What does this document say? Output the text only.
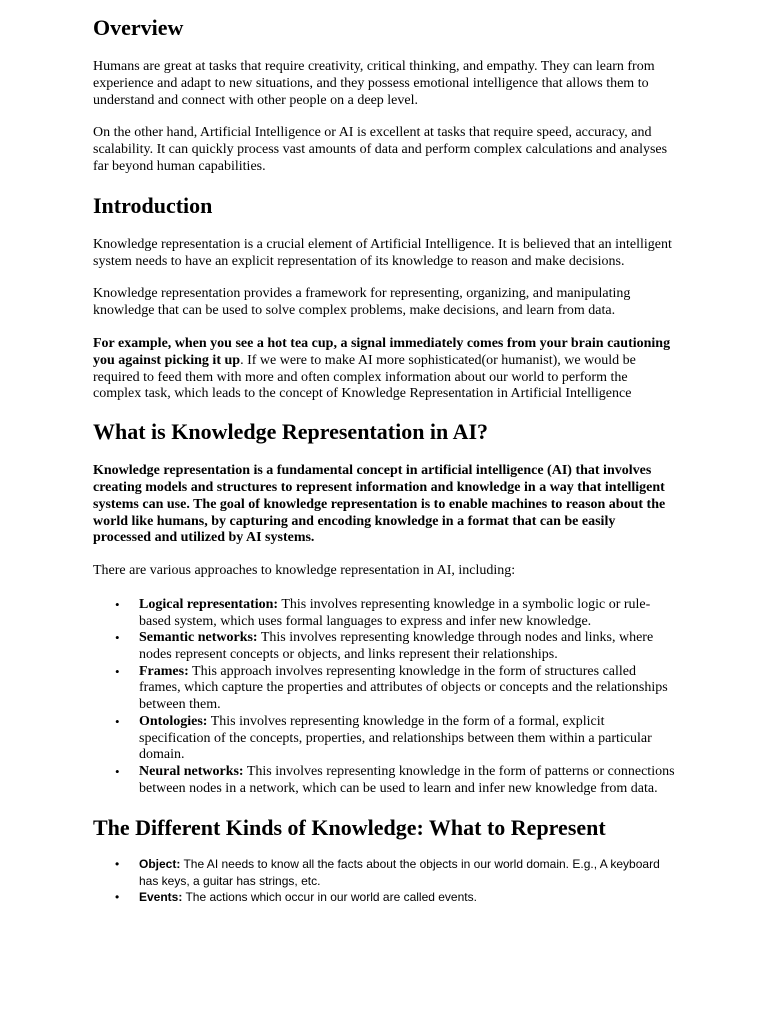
Overview

Humans are great at tasks that require creativity, critical thinking, and empathy. They can learn from experience and adapt to new situations, and they possess emotional intelligence that allows them to understand and connect with other people on a deep level.

On the other hand, Artificial Intelligence or AI is excellent at tasks that require speed, accuracy, and scalability. It can quickly process vast amounts of data and perform complex calculations and analyses far beyond human capabilities.

Introduction

Knowledge representation is a crucial element of Artificial Intelligence. It is believed that an intelligent system needs to have an explicit representation of its knowledge to reason and make decisions.

Knowledge representation provides a framework for representing, organizing, and manipulating knowledge that can be used to solve complex problems, make decisions, and learn from data.

For example, when you see a hot tea cup, a signal immediately comes from your brain cautioning you against picking it up. If we were to make AI more sophisticated(or humanist), we would be required to feed them with more and often complex information about our world to perform the complex task, which leads to the concept of Knowledge Representation in Artificial Intelligence

What is Knowledge Representation in AI?

Knowledge representation is a fundamental concept in artificial intelligence (AI) that involves creating models and structures to represent information and knowledge in a way that intelligent systems can use. The goal of knowledge representation is to enable machines to reason about the world like humans, by capturing and encoding knowledge in a format that can be easily processed and utilized by AI systems.

There are various approaches to knowledge representation in AI, including:

• Logical representation: This involves representing knowledge in a symbolic logic or rule-based system, which uses formal languages to express and infer new knowledge.
• Semantic networks: This involves representing knowledge through nodes and links, where nodes represent concepts or objects, and links represent their relationships.
• Frames: This approach involves representing knowledge in the form of structures called frames, which capture the properties and attributes of objects or concepts and the relationships between them.
• Ontologies: This involves representing knowledge in the form of a formal, explicit specification of the concepts, properties, and relationships between them within a particular domain.
• Neural networks: This involves representing knowledge in the form of patterns or connections between nodes in a network, which can be used to learn and infer new knowledge from data.
The Different Kinds of Knowledge: What to Represent
• Object: The AI needs to know all the facts about the objects in our world domain. E.g., A keyboard has keys, a guitar has strings, etc.
• Events: The actions which occur in our world are called events.
